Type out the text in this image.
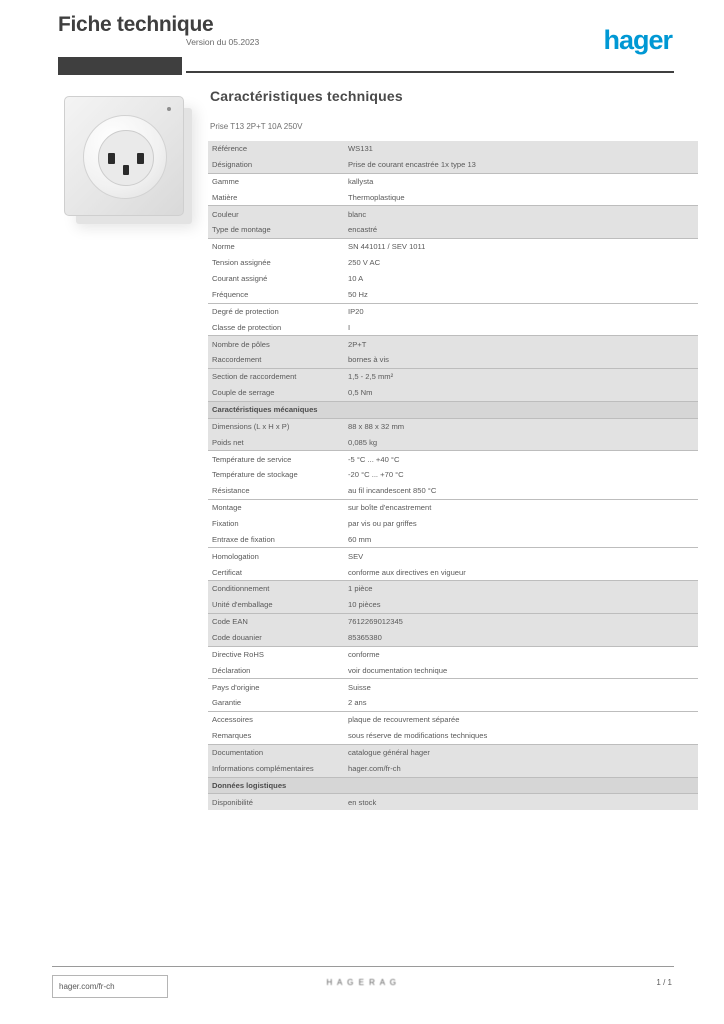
Fiche technique
Version du 05.2023	hager
Caractéristiques techniques
Prise T13 2P+T 10A 250V
Référence	WS131
Désignation	Prise de courant encastrée 1x type 13

Gamme	kallysta
Matière	Thermoplastique

Couleur	blanc
Type de montage	encastré

Norme	SN 441011 / SEV 1011
Tension assignée	250 V AC
Courant assigné	10 A
Fréquence	50 Hz

Degré de protection	IP20
Classe de protection	I

Nombre de pôles	2P+T
Raccordement	bornes à vis

Section de raccordement	1,5 - 2,5 mm²
Couple de serrage	0,5 Nm

Caractéristiques mécaniques	

Dimensions (L x H x P)	88 x 88 x 32 mm
Poids net	0,085 kg

Température de service	-5 °C ... +40 °C
Température de stockage	-20 °C ... +70 °C
Résistance	au fil incandescent 850 °C

Montage	sur boîte d'encastrement
Fixation	par vis ou par griffes
Entraxe de fixation	60 mm

Homologation	SEV
Certificat	conforme aux directives en vigueur

Conditionnement	1 pièce
Unité d'emballage	10 pièces

Code EAN	7612269012345
Code douanier	85365380

Directive RoHS	conforme
Déclaration	voir documentation technique

Pays d'origine	Suisse
Garantie	2 ans

Accessoires	plaque de recouvrement séparée
Remarques	sous réserve de modifications techniques

Documentation	catalogue général hager
Informations complémentaires	hager.com/fr-ch

Données logistiques	

Disponibilité	en stock
hager.com/fr-ch	H A G E R A G	1 / 1
